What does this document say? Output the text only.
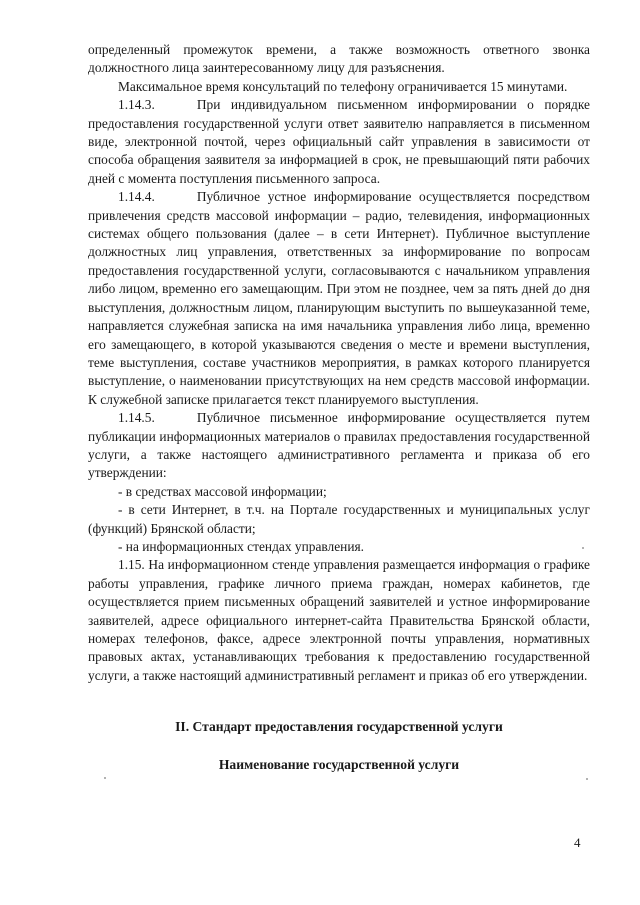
определенный промежуток времени, а также возможность ответного звонка должностного лица заинтересованному лицу для разъяснения.

Максимальное время консультаций по телефону ограничивается 15 минутами.

1.14.3.	При индивидуальном письменном информировании о порядке предоставления государственной услуги ответ заявителю направляется в письменном виде, электронной почтой, через официальный сайт управления в зависимости от способа обращения заявителя за информацией в срок, не превышающий пяти рабочих дней с момента поступления письменного запроса.

1.14.4.	Публичное устное информирование осуществляется посредством привлечения средств массовой информации – радио, телевидения, информационных системах общего пользования (далее – в сети Интернет). Публичное выступление должностных лиц управления, ответственных за информирование по вопросам предоставления государственной услуги, согласовываются с начальником управления либо лицом, временно его замещающим. При этом не позднее, чем за пять дней до дня выступления, должностным лицом, планирующим выступить по вышеуказанной теме, направляется служебная записка на имя начальника управления либо лица, временно его замещающего, в которой указываются сведения о месте и времени выступления, теме выступления, составе участников мероприятия, в рамках которого планируется выступление, о наименовании присутствующих на нем средств массовой информации. К служебной записке прилагается текст планируемого выступления.

1.14.5.	Публичное письменное информирование осуществляется путем публикации информационных материалов о правилах предоставления государственной услуги, а также настоящего административного регламента и приказа об его утверждении:

- в средствах массовой информации;

- в сети Интернет, в т.ч. на Портале государственных и муниципальных услуг (функций) Брянской области;

- на информационных стендах управления.

1.15. На информационном стенде управления размещается информация о графике работы управления, графике личного приема граждан, номерах кабинетов, где осуществляется прием письменных обращений заявителей и устное информирование заявителей, адресе официального интернет-сайта Правительства Брянской области, номерах телефонов, факсе, адресе электронной почты управления, нормативных правовых актах, устанавливающих требования к предоставлению государственной услуги, а также настоящий административный регламент и приказ об его утверждении.

II. Стандарт предоставления государственной услуги
Наименование государственной услуги
4
